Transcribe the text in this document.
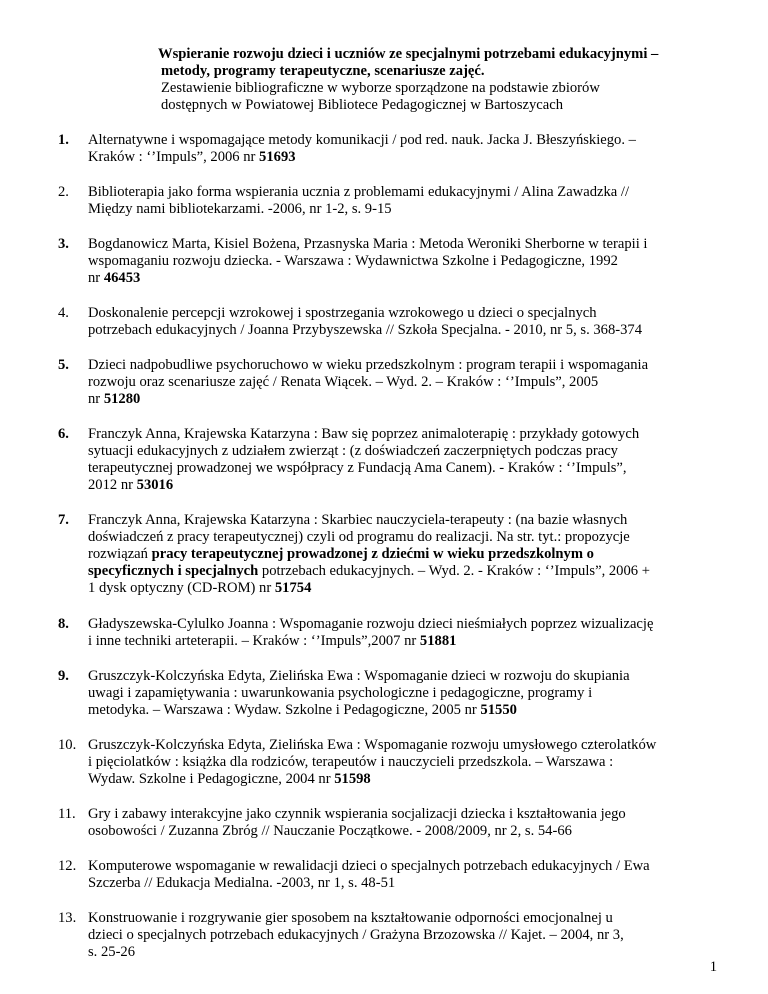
Wspieranie rozwoju dzieci i uczniów ze specjalnymi potrzebami edukacyjnymi –
metody, programy terapeutyczne, scenariusze zajęć.
Zestawienie bibliograficzne w wyborze sporządzone na podstawie zbiorów
dostępnych w Powiatowej Bibliotece Pedagogicznej w Bartoszycach
1.	Alternatywne i wspomagające metody komunikacji / pod red. nauk. Jacka J. Błeszyńskiego. –
Kraków : ‘’Impuls”, 2006 nr 51693
2.	Biblioterapia jako forma wspierania ucznia z problemami edukacyjnymi / Alina Zawadzka //
Między nami bibliotekarzami. -2006, nr 1-2, s. 9-15
3.	Bogdanowicz Marta, Kisiel Bożena, Przasnyska Maria : Metoda Weroniki Sherborne w terapii i
wspomaganiu rozwoju dziecka. - Warszawa : Wydawnictwa Szkolne i Pedagogiczne, 1992
nr 46453
4.	Doskonalenie percepcji wzrokowej i spostrzegania wzrokowego u dzieci o specjalnych
potrzebach edukacyjnych / Joanna Przybyszewska // Szkoła Specjalna. - 2010, nr 5, s. 368-374
5.	Dzieci nadpobudliwe psychoruchowo w wieku przedszkolnym : program terapii i wspomagania
rozwoju oraz scenariusze zajęć / Renata Wiącek. – Wyd. 2. – Kraków : ‘’Impuls”, 2005
nr 51280
6.	Franczyk Anna, Krajewska Katarzyna : Baw się poprzez animaloterapię : przykłady gotowych
sytuacji edukacyjnych z udziałem zwierząt : (z doświadczeń zaczerpniętych podczas pracy
terapeutycznej prowadzonej we współpracy z Fundacją Ama Canem). - Kraków : ‘’Impuls”,
2012 nr 53016
7.	Franczyk Anna, Krajewska Katarzyna : Skarbiec nauczyciela-terapeuty : (na bazie własnych
doświadczeń z pracy terapeutycznej) czyli od programu do realizacji. Na str. tyt.: propozycje
rozwiązań pracy terapeutycznej prowadzonej z dziećmi w wieku przedszkolnym o
specyficznych i specjalnych potrzebach edukacyjnych. – Wyd. 2. - Kraków : ‘’Impuls”, 2006 +
1 dysk optyczny (CD-ROM) nr 51754
8.	Gładyszewska-Cylulko Joanna : Wspomaganie rozwoju dzieci nieśmiałych poprzez wizualizację
i inne techniki arteterapii. – Kraków : ‘’Impuls”,2007 nr 51881
9.	Gruszczyk-Kolczyńska Edyta, Zielińska Ewa : Wspomaganie dzieci w rozwoju do skupiania
uwagi i zapamiętywania : uwarunkowania psychologiczne i pedagogiczne, programy i
metodyka. – Warszawa : Wydaw. Szkolne i Pedagogiczne, 2005 nr 51550
10. Gruszczyk-Kolczyńska Edyta, Zielińska Ewa : Wspomaganie rozwoju umysłowego czterolatków
i pięciolatków : książka dla rodziców, terapeutów i nauczycieli przedszkola. – Warszawa :
Wydaw. Szkolne i Pedagogiczne, 2004 nr 51598
11. Gry i zabawy interakcyjne jako czynnik wspierania socjalizacji dziecka i kształtowania jego
osobowości / Zuzanna Zbróg // Nauczanie Początkowe. - 2008/2009, nr 2, s. 54-66
12. Komputerowe wspomaganie w rewalidacji dzieci o specjalnych potrzebach edukacyjnych / Ewa
Szczerba // Edukacja Medialna. -2003, nr 1, s. 48-51
13. Konstruowanie i rozgrywanie gier sposobem na kształtowanie odporności emocjonalnej u
dzieci o specjalnych potrzebach edukacyjnych / Grażyna Brzozowska // Kajet. – 2004, nr 3,
s. 25-26
1
